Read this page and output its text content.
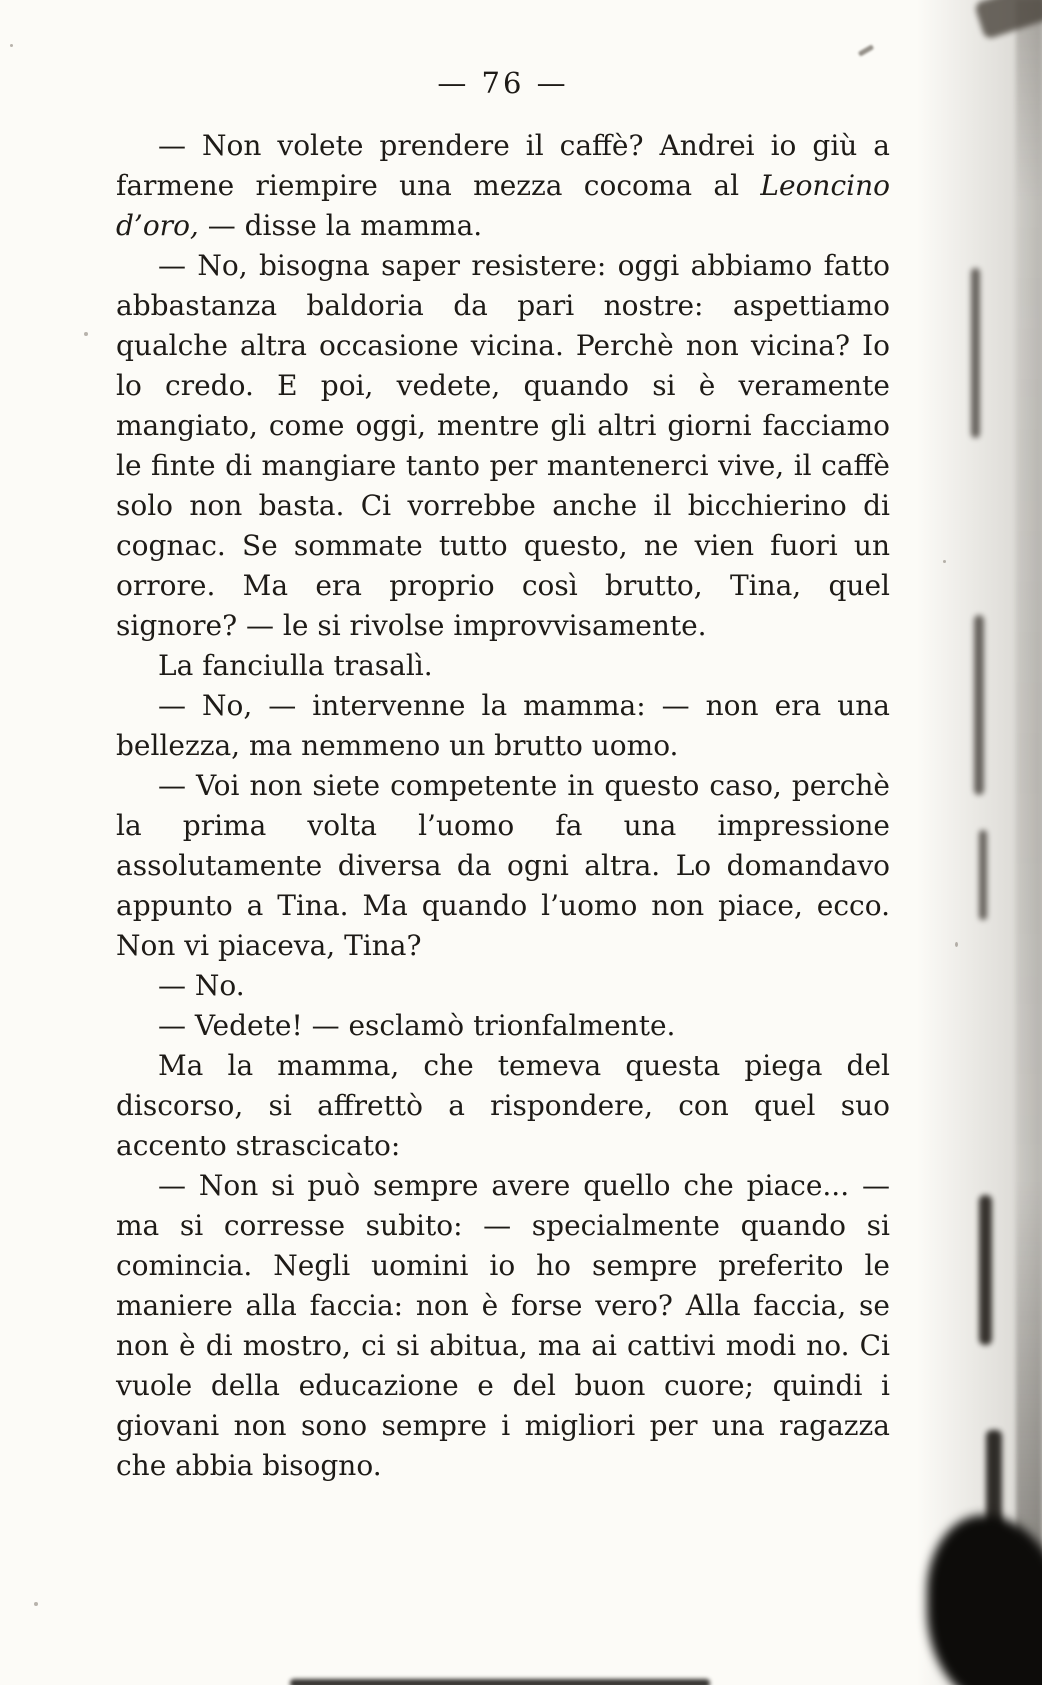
— 76 —

— Non volete prendere il caffè? Andrei io giù a farmene riempire una mezza cocoma al Leoncino d’oro, — disse la mamma.

— No, bisogna saper resistere: oggi abbiamo fatto abbastanza baldoria da pari nostre: aspettiamo qualche altra occasione vicina. Perchè non vicina? Io lo credo. E poi, vedete, quando si è veramente mangiato, come oggi, mentre gli altri giorni facciamo le finte di mangiare tanto per mantenerci vive, il caffè solo non basta. Ci vorrebbe anche il bicchierino di cognac. Se sommate tutto questo, ne vien fuori un orrore. Ma era proprio così brutto, Tina, quel signore? — le si rivolse improvvisamente.

La fanciulla trasalì.

— No, — intervenne la mamma: — non era una bellezza, ma nemmeno un brutto uomo.

— Voi non siete competente in questo caso, perchè la prima volta l’uomo fa una impressione assolutamente diversa da ogni altra. Lo domandavo appunto a Tina. Ma quando l’uomo non piace, ecco. Non vi piaceva, Tina?

— No.

— Vedete! — esclamò trionfalmente.

Ma la mamma, che temeva questa piega del discorso, si affrettò a rispondere, con quel suo accento strascicato:

— Non si può sempre avere quello che piace... — ma si corresse subito: — specialmente quando si comincia. Negli uomini io ho sempre preferito le maniere alla faccia: non è forse vero? Alla faccia, se non è di mostro, ci si abitua, ma ai cattivi modi no. Ci vuole della educazione e del buon cuore; quindi i giovani non sono sempre i migliori per una ragazza che abbia bisogno.
